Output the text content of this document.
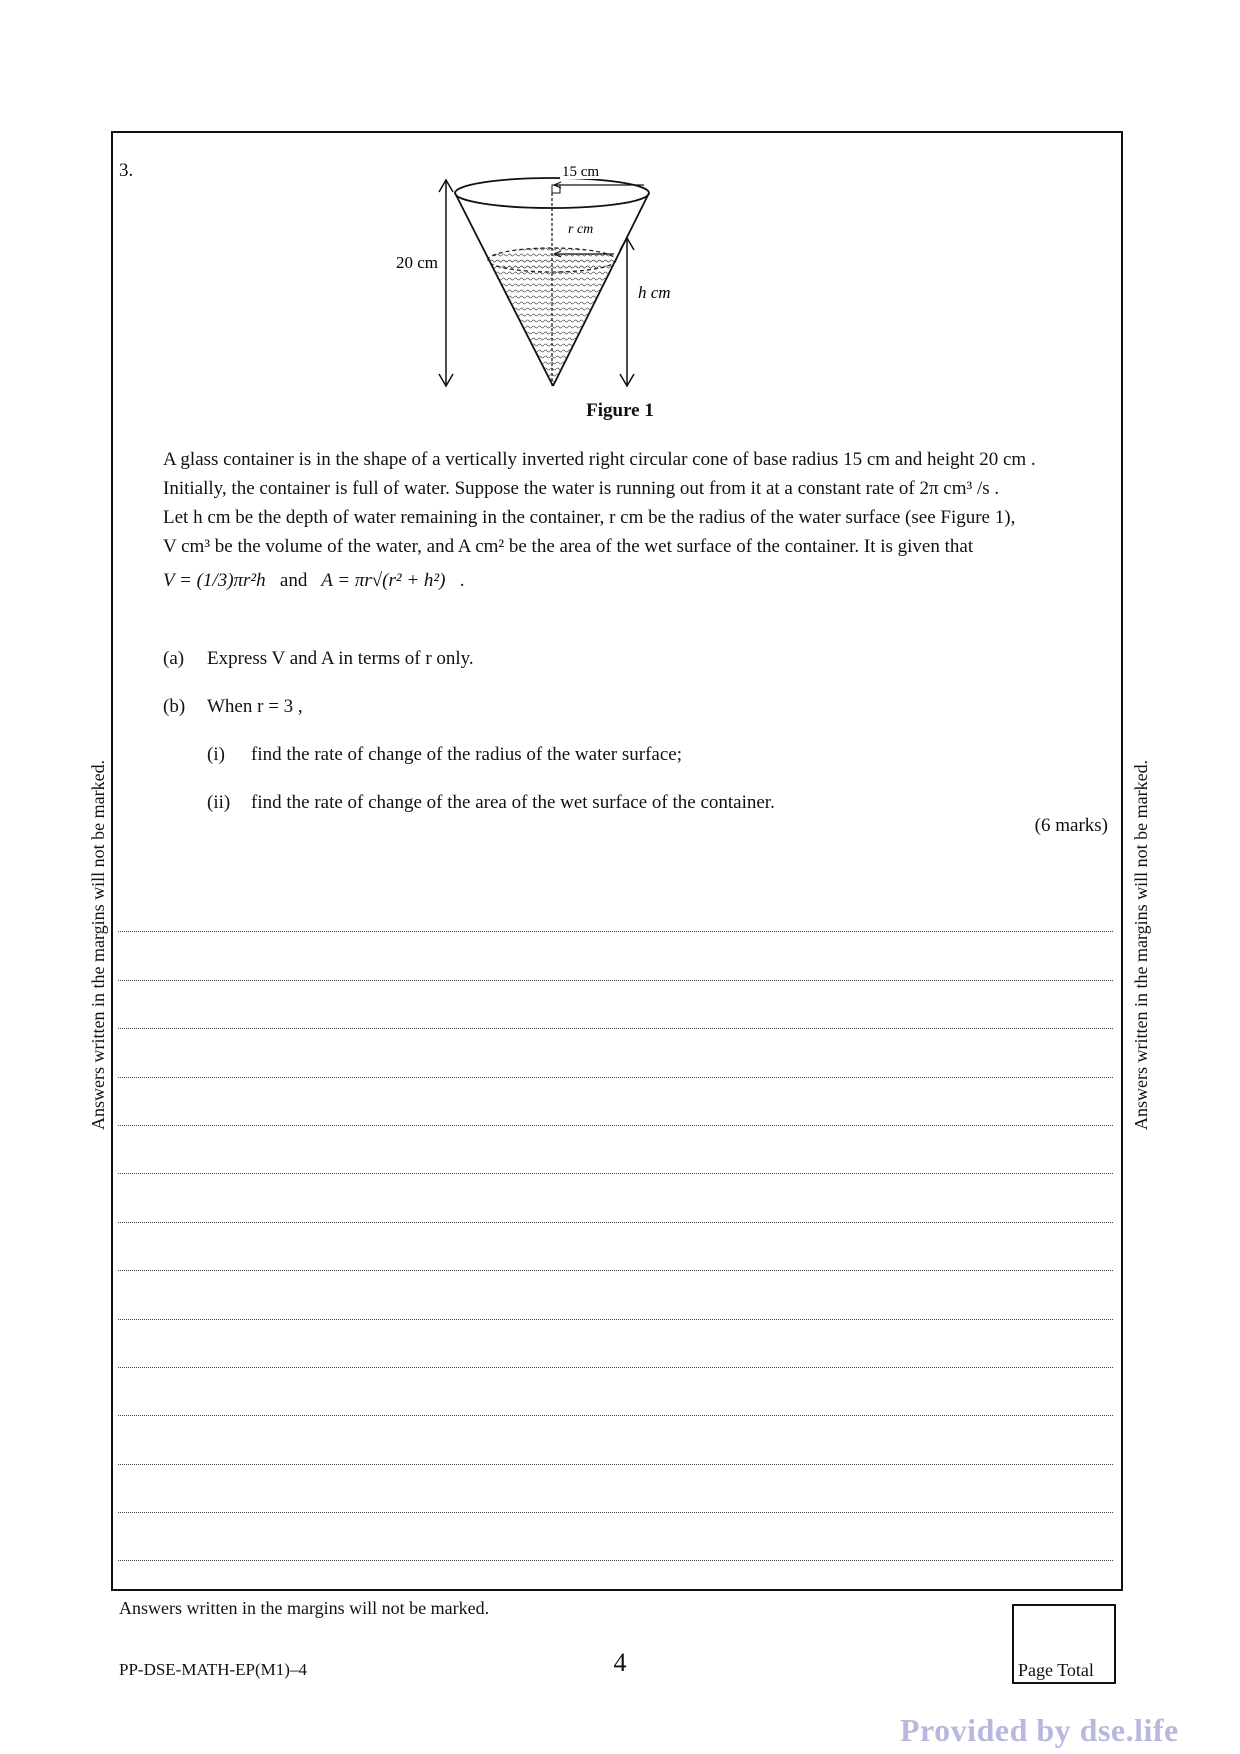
3.	15 cm
r cm
20 cm
h cm
Figure 1
A glass container is in the shape of a vertically inverted right circular cone of base radius 15 cm and height 20 cm .
Initially, the container is full of water. Suppose the water is running out from it at a constant rate of 2π cm³ /s .
Let h cm be the depth of water remaining in the container, r cm be the radius of the water surface (see Figure 1),
V cm³ be the volume of the water, and A cm² be the area of the wet surface of the container. It is given that
V = (1/3)πr²h and A = πr√(r² + h²) .
(a) Express V and A in terms of r only.
(b) When r = 3 ,
(i) find the rate of change of the radius of the water surface;
(ii) find the rate of change of the area of the wet surface of the container.
(6 marks)
Answers written in the margins will not be marked.	Answers written in the margins will not be marked.
Answers written in the margins will not be marked.
PP-DSE-MATH-EP(M1)–4	4	Page Total
Provided by dse.life
